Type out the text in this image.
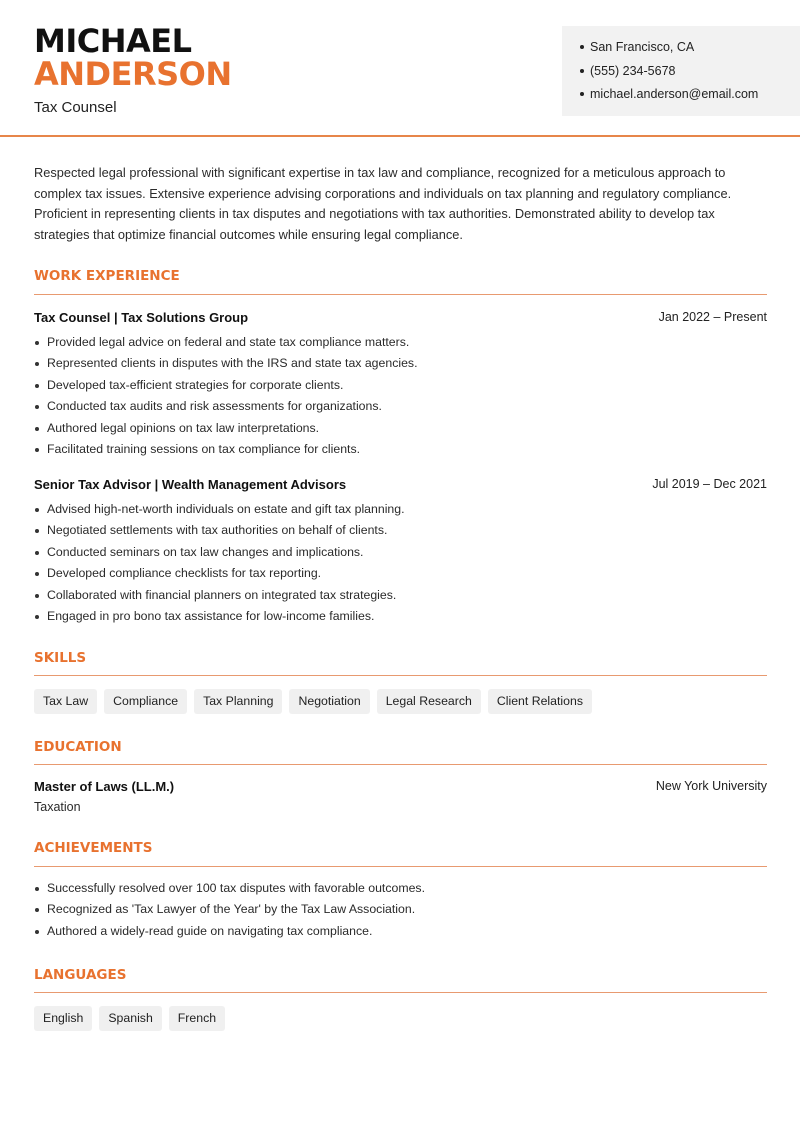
MICHAEL
ANDERSON
Tax Counsel
San Francisco, CA
(555) 234-5678
michael.anderson@email.com
Respected legal professional with significant expertise in tax law and compliance, recognized for a meticulous approach to complex tax issues. Extensive experience advising corporations and individuals on tax planning and regulatory compliance. Proficient in representing clients in tax disputes and negotiations with tax authorities. Demonstrated ability to develop tax strategies that optimize financial outcomes while ensuring legal compliance.
WORK EXPERIENCE
Tax Counsel | Tax Solutions Group	Jan 2022 – Present
Provided legal advice on federal and state tax compliance matters.
Represented clients in disputes with the IRS and state tax agencies.
Developed tax-efficient strategies for corporate clients.
Conducted tax audits and risk assessments for organizations.
Authored legal opinions on tax law interpretations.
Facilitated training sessions on tax compliance for clients.
Senior Tax Advisor | Wealth Management Advisors	Jul 2019 – Dec 2021
Advised high-net-worth individuals on estate and gift tax planning.
Negotiated settlements with tax authorities on behalf of clients.
Conducted seminars on tax law changes and implications.
Developed compliance checklists for tax reporting.
Collaborated with financial planners on integrated tax strategies.
Engaged in pro bono tax assistance for low-income families.
SKILLS
Tax Law	Compliance	Tax Planning	Negotiation	Legal Research	Client Relations
EDUCATION
Master of Laws (LL.M.)	New York University
Taxation
ACHIEVEMENTS
Successfully resolved over 100 tax disputes with favorable outcomes.
Recognized as 'Tax Lawyer of the Year' by the Tax Law Association.
Authored a widely-read guide on navigating tax compliance.
LANGUAGES
English	Spanish	French
